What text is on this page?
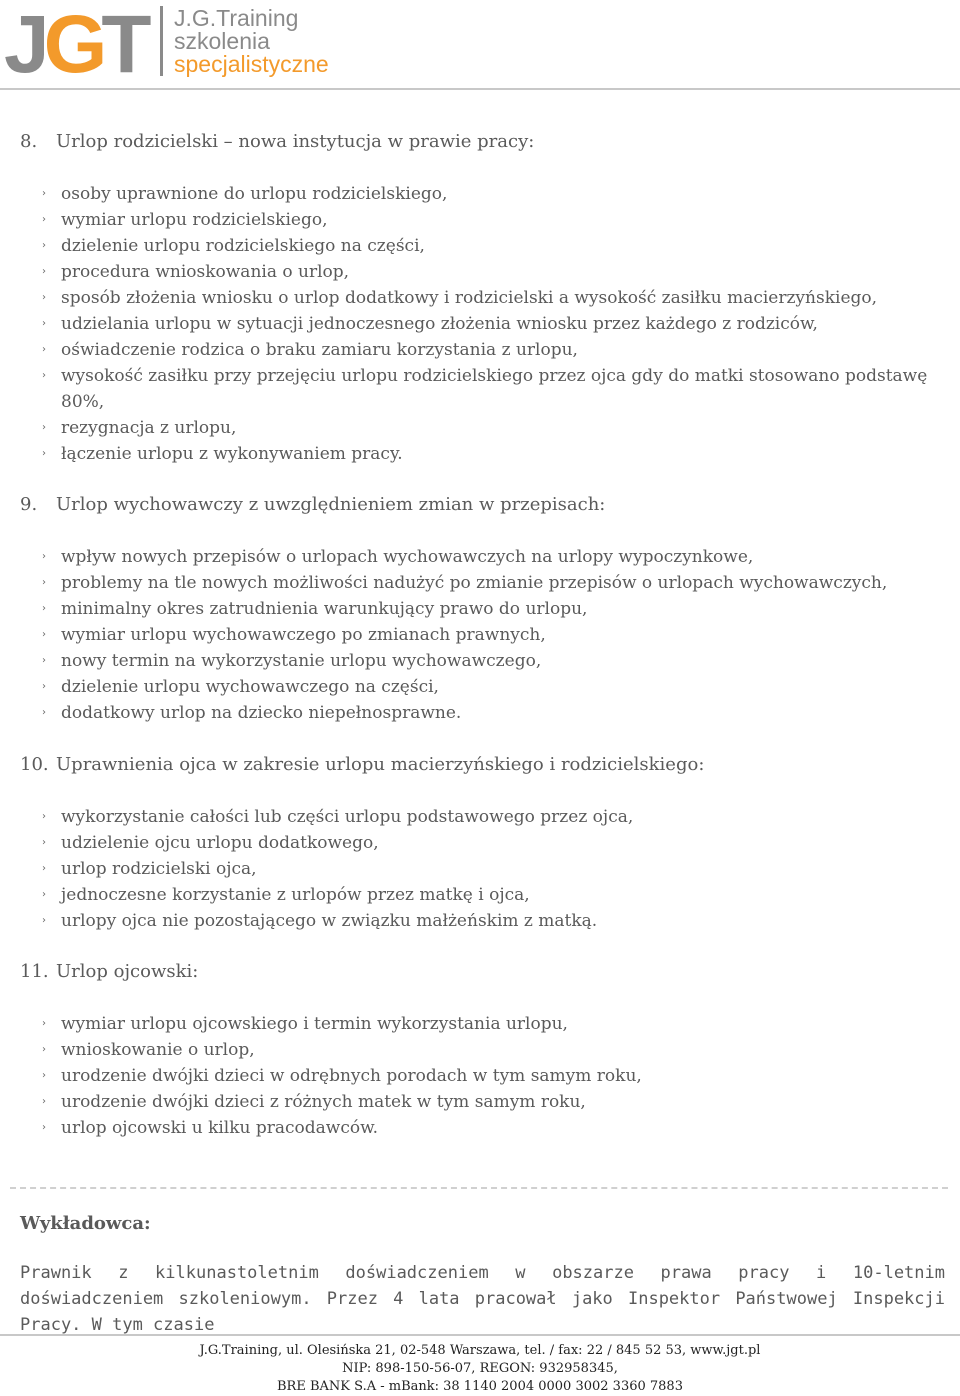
JGT J.G.Training
szkolenia
specjalistyczne
8. Urlop rodzicielski – nowa instytucja w prawie pracy:
› osoby uprawnione do urlopu rodzicielskiego,
› wymiar urlopu rodzicielskiego,
› dzielenie urlopu rodzicielskiego na części,
› procedura wnioskowania o urlop,
› sposób złożenia wniosku o urlop dodatkowy i rodzicielski a wysokość zasiłku macierzyńskiego,
› udzielania urlopu w sytuacji jednoczesnego złożenia wniosku przez każdego z rodziców,
› oświadczenie rodzica o braku zamiaru korzystania z urlopu,
› wysokość zasiłku przy przejęciu urlopu rodzicielskiego przez ojca gdy do matki stosowano podstawę 80%,
› rezygnacja z urlopu,
› łączenie urlopu z wykonywaniem pracy.
9. Urlop wychowawczy z uwzględnieniem zmian w przepisach:
› wpływ nowych przepisów o urlopach wychowawczych na urlopy wypoczynkowe,
› problemy na tle nowych możliwości nadużyć po zmianie przepisów o urlopach wychowawczych,
› minimalny okres zatrudnienia warunkujący prawo do urlopu,
› wymiar urlopu wychowawczego po zmianach prawnych,
› nowy termin na wykorzystanie urlopu wychowawczego,
› dzielenie urlopu wychowawczego na części,
› dodatkowy urlop na dziecko niepełnosprawne.
10. Uprawnienia ojca w zakresie urlopu macierzyńskiego i rodzicielskiego:
› wykorzystanie całości lub części urlopu podstawowego przez ojca,
› udzielenie ojcu urlopu dodatkowego,
› urlop rodzicielski ojca,
› jednoczesne korzystanie z urlopów przez matkę i ojca,
› urlopy ojca nie pozostającego w związku małżeńskim z matką.
11. Urlop ojcowski:
› wymiar urlopu ojcowskiego i termin wykorzystania urlopu,
› wnioskowanie o urlop,
› urodzenie dwójki dzieci w odrębnych porodach w tym samym roku,
› urodzenie dwójki dzieci z różnych matek w tym samym roku,
› urlop ojcowski u kilku pracodawców.
Wykładowca:
Prawnik z kilkunastoletnim doświadczeniem w obszarze prawa pracy i 10-letnim doświadczeniem szkoleniowym. Przez 4 lata pracował jako Inspektor Państwowej Inspekcji Pracy. W tym czasie
J.G.Training, ul. Olesińska 21, 02-548 Warszawa, tel. / fax: 22 / 845 52 53, www.jgt.pl
NIP: 898-150-56-07, REGON: 932958345,
BRE BANK S.A - mBank: 38 1140 2004 0000 3002 3360 7883
